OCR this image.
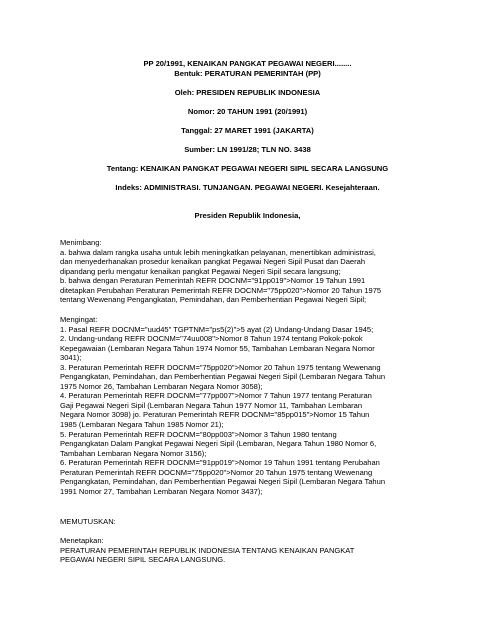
PP 20/1991, KENAIKAN PANGKAT PEGAWAI NEGERI........
Bentuk: PERATURAN PEMERINTAH (PP)
Oleh: PRESIDEN REPUBLIK INDONESIA
Nomor: 20 TAHUN 1991 (20/1991)
Tanggal: 27 MARET 1991 (JAKARTA)
Sumber: LN 1991/28; TLN NO. 3438
Tentang: KENAIKAN PANGKAT PEGAWAI NEGERI SIPIL SECARA LANGSUNG
Indeks: ADMINISTRASI. TUNJANGAN. PEGAWAI NEGERI. Kesejahteraan.
Presiden Republik Indonesia,
Menimbang:
a. bahwa dalam rangka usaha untuk lebih meningkatkan pelayanan, menertibkan administrasi,
dan menyederhanakan prosedur kenaikan pangkat Pegawai Negeri Sipil Pusat dan Daerah
dipandang perlu mengatur kenaikan pangkat Pegawai Negeri Sipil secara langsung;
b. bahwa dengan Peraturan Pemerintah REFR DOCNM="91pp019">Nomor 19 Tahun 1991
ditetapkan Perubahan Peraturan Pemerintah REFR DOCNM="75pp020">Nomor 20 Tahun 1975
tentang Wewenang Pengangkatan, Pemindahan, dan Pemberhentian Pegawai Negeri Sipil;
Mengingat:
1. Pasal REFR DOCNM="uud45" TGPTNM="ps5(2)">5 ayat (2) Undang-Undang Dasar 1945;
2. Undang-undang REFR DOCNM="74uu008">Nomor 8 Tahun 1974 tentang Pokok-pokok
Kepegawaian (Lembaran Negara Tahun 1974 Nomor 55, Tambahan Lembaran Negara Nomor
3041);
3. Peraturan Pemerintah REFR DOCNM="75pp020">Nomor 20 Tahun 1975 tentang Wewenang
Pengangkatan, Pemindahan, dan Pemberhentian Pegawai Negeri Sipil (Lembaran Negara Tahun
1975 Nomor 26, Tambahan Lembaran Negara Nomor 3058);
4. Peraturan Pemerintah REFR DOCNM="77pp007">Nomor 7 Tahun 1977 tentang Peraturan
Gaji Pegawai Negeri Sipil (Lembaran Negara Tahun 1977 Nomor 11, Tambahan Lembaran
Negara Nomor 3098) jo. Peraturan Pemerintah REFR DOCNM="85pp015">Nomor 15 Tahun
1985 (Lembaran Negara Tahun 1985 Nomor 21);
5. Peraturan Pemerintah REFR DOCNM="80pp003">Nomor 3 Tahun 1980 tentang
Pengangkatan Dalam Pangkat Pegawai Negeri Sipil (Lembaran, Negara Tahun 1980 Nomor 6,
Tambahan Lembaran Negara Nomor 3156);
6. Peraturan Pemerintah REFR DOCNM="91pp019">Nomor 19 Tahun 1991 tentang Perubahan
Peraturan Pemerintah REFR DOCNM="75pp020">Nomor 20 Tahun 1975 tentang Wewenang
Pengangkatan, Pemindahan, dan Pemberhentian Pegawai Negeri Sipil (Lembaran Negara Tahun
1991 Nomor 27, Tambahan Lembaran Negara Nomor 3437);
MEMUTUSKAN:
Menetapkan:
PERATURAN PEMERINTAH REPUBLIK INDONESIA TENTANG KENAIKAN PANGKAT
PEGAWAI NEGERI SIPIL SECARA LANGSUNG.
